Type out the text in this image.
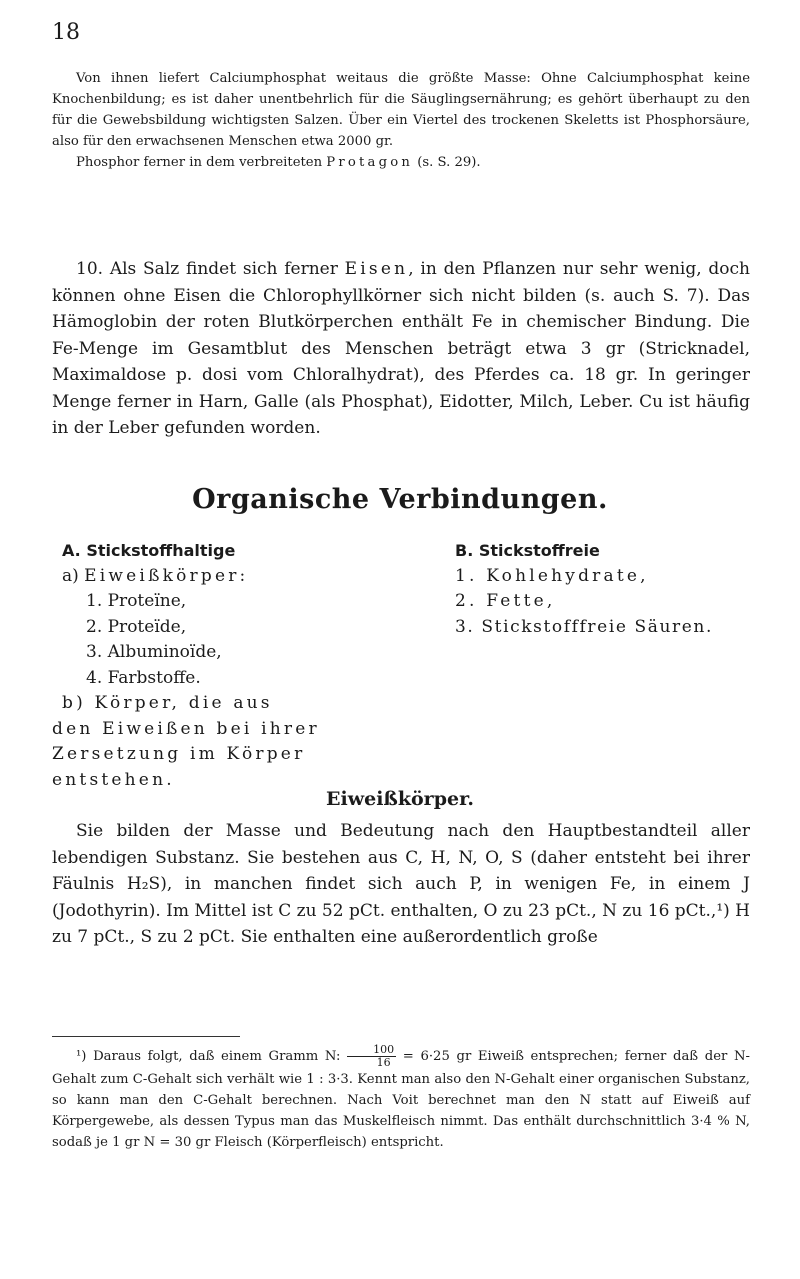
18

Von ihnen liefert Calciumphosphat weitaus die größte Masse: Ohne Calciumphosphat keine Knochenbildung; es ist daher unentbehrlich für die Säuglingsernährung; es gehört überhaupt zu den für die Gewebsbildung wichtigsten Salzen. Über ein Viertel des trockenen Skeletts ist Phosphorsäure, also für den erwachsenen Menschen etwa 2000 gr.

Phosphor ferner in dem verbreiteten Protagon (s. S. 29).

10. Als Salz findet sich ferner Eisen, in den Pflanzen nur sehr wenig, doch können ohne Eisen die Chlorophyllkörner sich nicht bilden (s. auch S. 7). Das Hämoglobin der roten Blutkörperchen enthält Fe in chemischer Bindung. Die Fe-Menge im Gesamtblut des Menschen beträgt etwa 3 gr (Stricknadel, Maximaldose p. dosi vom Chloralhydrat), des Pferdes ca. 18 gr. In geringer Menge ferner in Harn, Galle (als Phosphat), Eidotter, Milch, Leber. Cu ist häufig in der Leber gefunden worden.

Organische Verbindungen.
A. Stickstoffhaltige
a) Eiweißkörper:
1. Proteïne,
2. Proteïde,
3. Albuminoïde,
4. Farbstoffe.
b) Körper, die aus
den Eiweißen bei ihrer
Zersetzung im Körper
entstehen.
B. Stickstoffreie
1. Kohlehydrate,
2. Fette,
3. Stickstofffreie Säuren.
Eiweißkörper.

Sie bilden der Masse und Bedeutung nach den Hauptbestandteil aller lebendigen Substanz. Sie bestehen aus C, H, N, O, S (daher entsteht bei ihrer Fäulnis H₂S), in manchen findet sich auch P, in wenigen Fe, in einem J (Jodothyrin). Im Mittel ist C zu 52 pCt. enthalten, O zu 23 pCt., N zu 16 pCt.,¹) H zu 7 pCt., S zu 2 pCt. Sie enthalten eine außerordentlich große

¹) Daraus folgt, daß einem Gramm N: $\frac{100}{16} = 6\cdot 25$ gr Eiweiß entsprechen; ferner daß der N-Gehalt zum C-Gehalt sich verhält wie 1 : 3·3. Kennt man also den N-Gehalt einer organischen Substanz, so kann man den C-Gehalt berechnen. Nach Voit berechnet man den N statt auf Eiweiß auf Körpergewebe, als dessen Typus man das Muskelfleisch nimmt. Das enthält durchschnittlich 3·4 % N, sodaß je 1 gr N = 30 gr Fleisch (Körperfleisch) entspricht.
